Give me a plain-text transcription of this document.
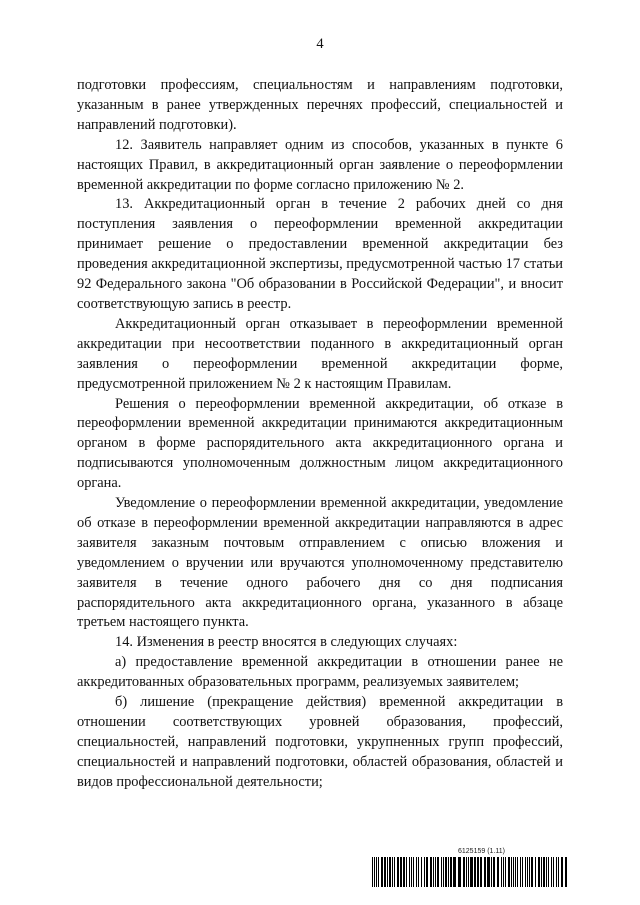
4

подготовки профессиям, специальностям и направлениям подготовки, указанным в ранее утвержденных перечнях профессий, специальностей и направлений подготовки).

12. Заявитель направляет одним из способов, указанных в пункте 6 настоящих Правил, в аккредитационный орган заявление о переоформлении временной аккредитации по форме согласно приложению № 2.

13. Аккредитационный орган в течение 2 рабочих дней со дня поступления заявления о переоформлении временной аккредитации принимает решение о предоставлении временной аккредитации без проведения аккредитационной экспертизы, предусмотренной частью 17 статьи 92 Федерального закона "Об образовании в Российской Федерации", и вносит соответствующую запись в реестр.

Аккредитационный орган отказывает в переоформлении временной аккредитации при несоответствии поданного в аккредитационный орган заявления о переоформлении временной аккредитации форме, предусмотренной приложением № 2 к настоящим Правилам.

Решения о переоформлении временной аккредитации, об отказе в переоформлении временной аккредитации принимаются аккредитационным органом в форме распорядительного акта аккредитационного органа и подписываются уполномоченным должностным лицом аккредитационного органа.

Уведомление о переоформлении временной аккредитации, уведомление об отказе в переоформлении временной аккредитации направляются в адрес заявителя заказным почтовым отправлением с описью вложения и уведомлением о вручении или вручаются уполномоченному представителю заявителя в течение одного рабочего дня со дня подписания распорядительного акта аккредитационного органа, указанного в абзаце третьем настоящего пункта.

14. Изменения в реестр вносятся в следующих случаях:

а) предоставление временной аккредитации в отношении ранее не аккредитованных образовательных программ, реализуемых заявителем;

б) лишение (прекращение действия) временной аккредитации в отношении соответствующих уровней образования, профессий, специальностей, направлений подготовки, укрупненных групп профессий, специальностей и направлений подготовки, областей образования, областей и видов профессиональной деятельности;

6125159 (1.11)
